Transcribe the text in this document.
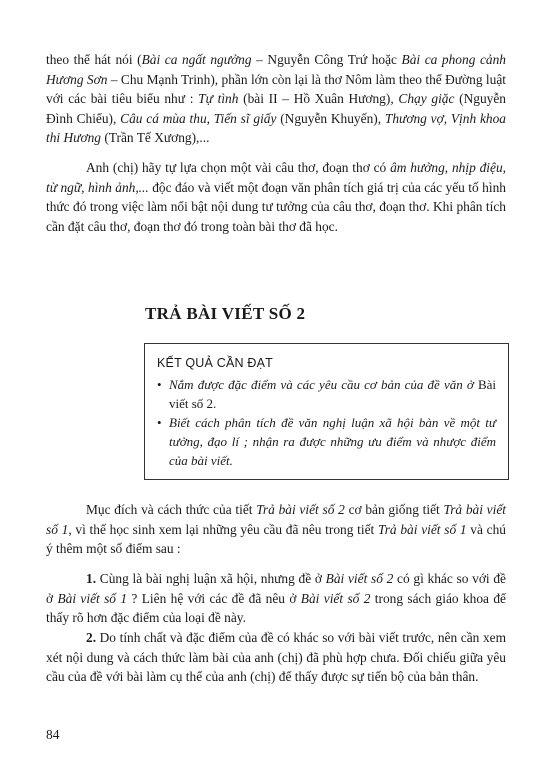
theo thể hát nói (Bài ca ngất ngưởng – Nguyễn Công Trứ hoặc Bài ca phong cảnh Hương Sơn – Chu Mạnh Trinh), phần lớn còn lại là thơ Nôm làm theo thể Đường luật với các bài tiêu biểu như : Tự tình (bài II – Hồ Xuân Hương), Chạy giặc (Nguyễn Đình Chiểu), Câu cá mùa thu, Tiến sĩ giấy (Nguyễn Khuyến), Thương vợ, Vịnh khoa thi Hương (Trần Tế Xương),...

Anh (chị) hãy tự lựa chọn một vài câu thơ, đoạn thơ có âm hưởng, nhịp điệu, từ ngữ, hình ảnh,... độc đáo và viết một đoạn văn phân tích giá trị của các yếu tố hình thức đó trong việc làm nổi bật nội dung tư tưởng của câu thơ, đoạn thơ. Khi phân tích cần đặt câu thơ, đoạn thơ đó trong toàn bài thơ đã học.

TRẢ BÀI VIẾT SỐ 2
KẾT QUẢ CẦN ĐẠT
• Nắm được đặc điểm và các yêu cầu cơ bản của đề văn ở Bài viết số 2.
• Biết cách phân tích đề văn nghị luận xã hội bàn về một tư tưởng, đạo lí ; nhận ra được những ưu điểm và nhược điểm của bài viết.

Mục đích và cách thức của tiết Trả bài viết số 2 cơ bản giống tiết Trả bài viết số 1, vì thế học sinh xem lại những yêu cầu đã nêu trong tiết Trả bài viết số 1 và chú ý thêm một số điểm sau :

1. Cùng là bài nghị luận xã hội, nhưng đề ở Bài viết số 2 có gì khác so với đề ở Bài viết số 1 ? Liên hệ với các đề đã nêu ở Bài viết số 2 trong sách giáo khoa để thấy rõ hơn đặc điểm của loại đề này.

2. Do tính chất và đặc điểm của đề có khác so với bài viết trước, nên cần xem xét nội dung và cách thức làm bài của anh (chị) đã phù hợp chưa. Đối chiếu giữa yêu cầu của đề với bài làm cụ thể của anh (chị) để thấy được sự tiến bộ của bản thân.

84
